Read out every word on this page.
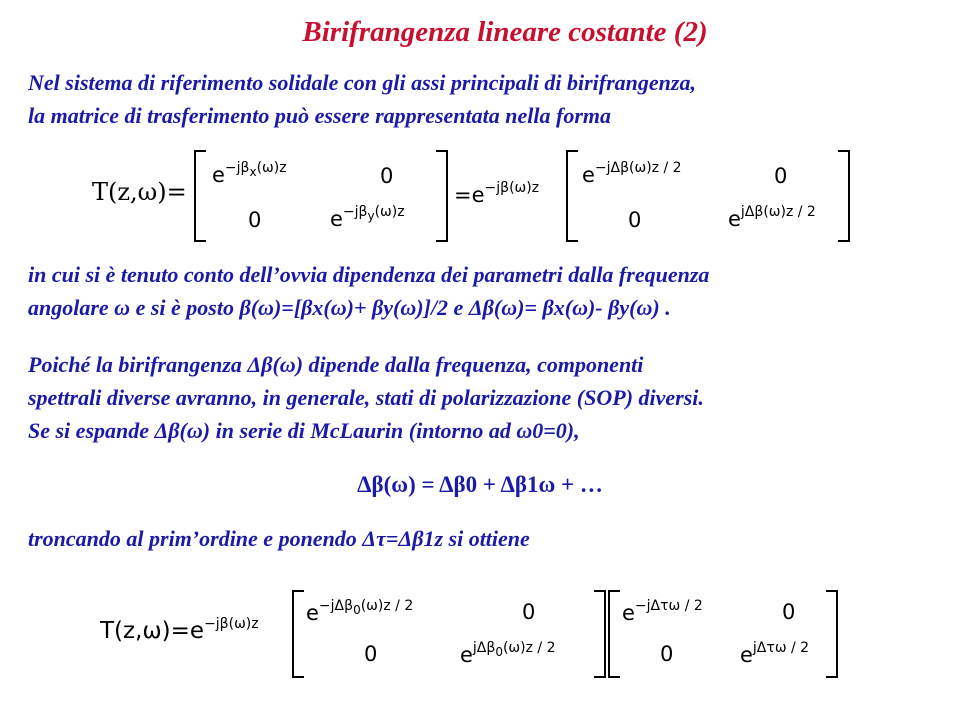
Birifrangenza lineare costante (2)
Nel sistema di riferimento solidale con gli assi principali di birifrangenza,
la matrice di trasferimento può essere rappresentata nella forma
T(z,ω)=
$e^{-j\beta x(\omega)z}$	0
0	$e^{-j\beta y(\omega)z}$
$=e^{-j\beta(\omega)z}$
$e^{-j\Delta\beta(\omega)z / 2}$	0
0	$e^{j\Delta\beta(\omega)z / 2}$
in cui si è tenuto conto dell’ovvia dipendenza dei parametri dalla frequenza
angolare ω e si è posto β(ω)=[βx(ω)+ βy(ω)]/2 e Δβ(ω)= βx(ω)- βy(ω) .
Poiché la birifrangenza Δβ(ω) dipende dalla frequenza, componenti
spettrali diverse avranno, in generale, stati di polarizzazione (SOP) diversi.
Se si espande Δβ(ω) in serie di McLaurin (intorno ad ω0=0),
Δβ(ω) = Δβ0 + Δβ1ω + …
troncando al prim’ordine e ponendo Δτ=Δβ1z si ottiene
$T(z,\omega)=e^{-j\beta(\omega)z}$ $e^{-j\Delta\beta 0(\omega)z / 2}$	0
0	$e^{j\Delta\beta 0(\omega)z / 2}$
$e^{-j\Delta\tau\omega / 2}$	0
0	$e^{j\Delta\tau\omega / 2}$
